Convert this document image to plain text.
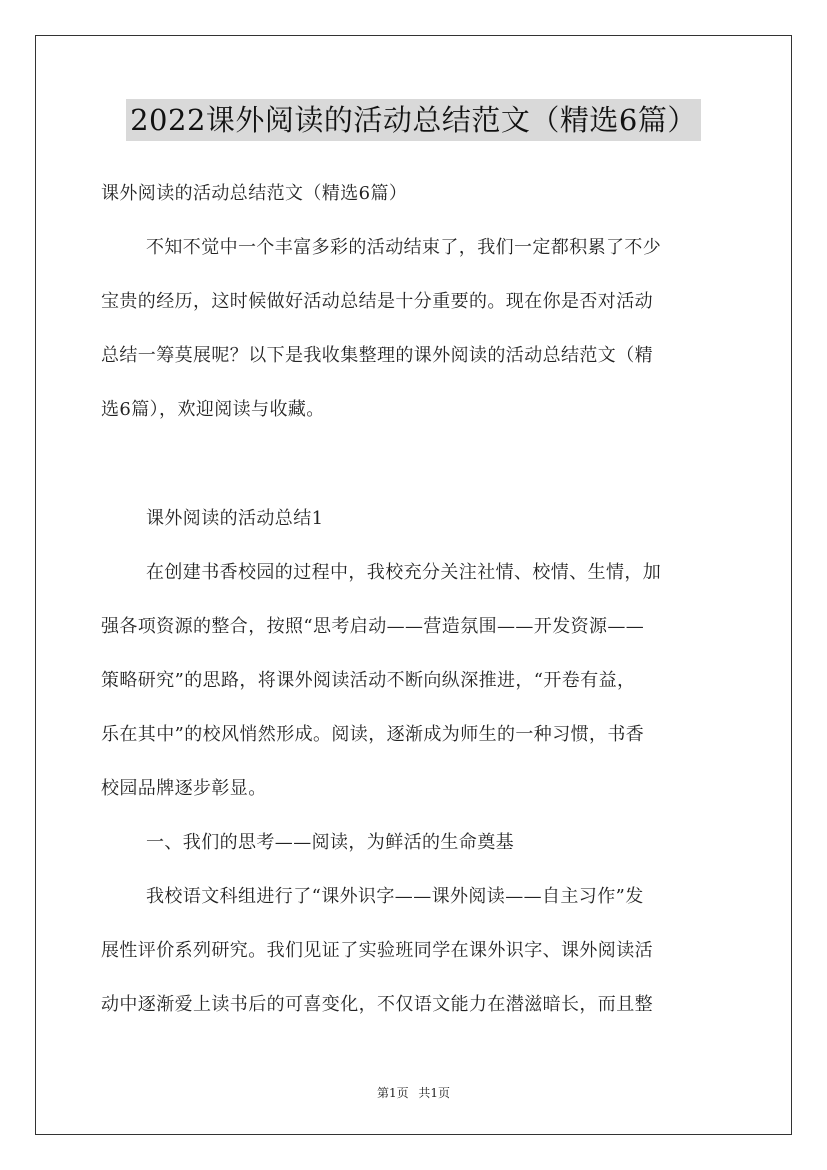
2022课外阅读的活动总结范文（精选6篇）
课外阅读的活动总结范文（精选6篇）
不知不觉中一个丰富多彩的活动结束了，我们一定都积累了不少
宝贵的经历，这时候做好活动总结是十分重要的。现在你是否对活动
总结一筹莫展呢？以下是我收集整理的课外阅读的活动总结范文（精
选6篇），欢迎阅读与收藏。
课外阅读的活动总结1
在创建书香校园的过程中，我校充分关注社情、校情、生情，加
强各项资源的整合，按照“思考启动——营造氛围——开发资源——
策略研究”的思路，将课外阅读活动不断向纵深推进，“开卷有益，
乐在其中”的校风悄然形成。阅读，逐渐成为师生的一种习惯，书香
校园品牌逐步彰显。
一、我们的思考——阅读，为鲜活的生命奠基
我校语文科组进行了“课外识字——课外阅读——自主习作”发
展性评价系列研究。我们见证了实验班同学在课外识字、课外阅读活
动中逐渐爱上读书后的可喜变化，不仅语文能力在潜滋暗长，而且整
第1页 共1页
